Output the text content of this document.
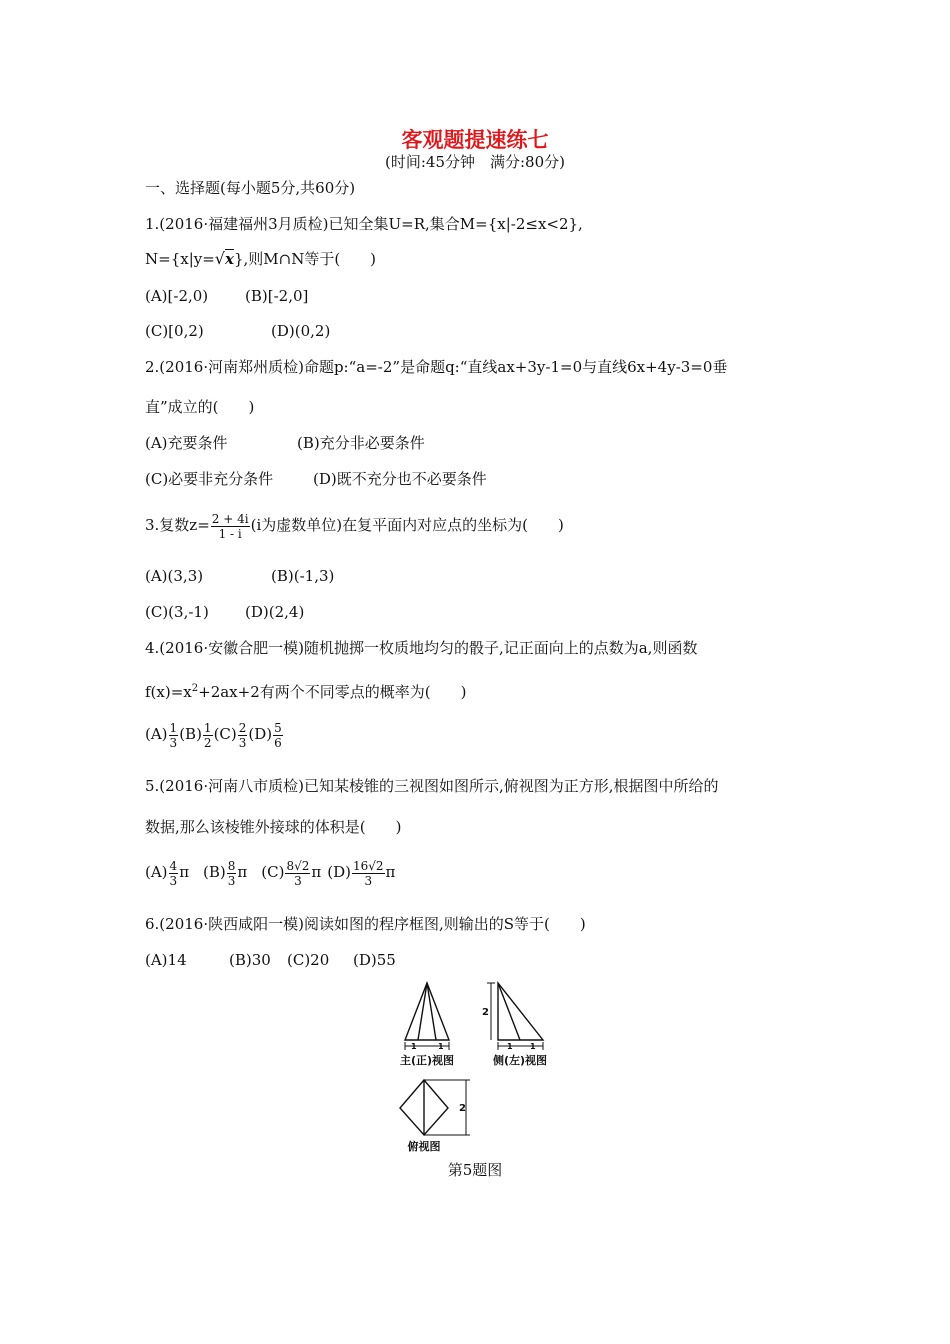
客观题提速练七
(时间:45分钟　满分:80分)
一、选择题(每小题5分,共60分)
1.(2016·福建福州3月质检)已知全集U=R,集合M={x|-2≤x<2},
N={x|y=√x},则M∩N等于(　　)
(A)[-2,0) (B)[-2,0]
(C)[0,2)	(D)(0,2)
2.(2016·河南郑州质检)命题p:“a=-2”是命题q:“直线ax+3y-1=0与直线6x+4y-3=0垂
直”成立的(　　)
(A)充要条件	(B)充分非必要条件
(C)必要非充分条件	(D)既不充分也不必要条件
3.复数$z= \frac{2 + 4i}{1 - i} (i$为虚数单位)在复平面内对应点的坐标为(　　)
(A)(3,3)	(B)(-1,3)
(C)(3,-1) (D)(2,4)
4.(2016·安徽合肥一模)随机抛掷一枚质地均匀的骰子,记正面向上的点数为a,则函数
$f(x)=x^2+2ax+2$有两个不同零点的概率为(　　)
$(A) \frac{1}{3} (B) \frac{1}{2} (C) \frac{2}{3} (D) \frac{5}{6}$
5.(2016·河南八市质检)已知某棱锥的三视图如图所示,俯视图为正方形,根据图中所给的
数据,那么该棱锥外接球的体积是(　　)
$(A) \frac{4}{3}$ π $(B) \frac{8}{3}$ π $(C) \frac{8√2}{3}$ π $(D) \frac{16√2}{3}$ π
6.(2016·陕西咸阳一模)阅读如图的程序框图,则输出的S等于(　　)
(A)14	(B)30 (C)20 (D)55
1	1
主(正)视图
2
1 1
侧(左)视图
2
俯视图
第5题图
